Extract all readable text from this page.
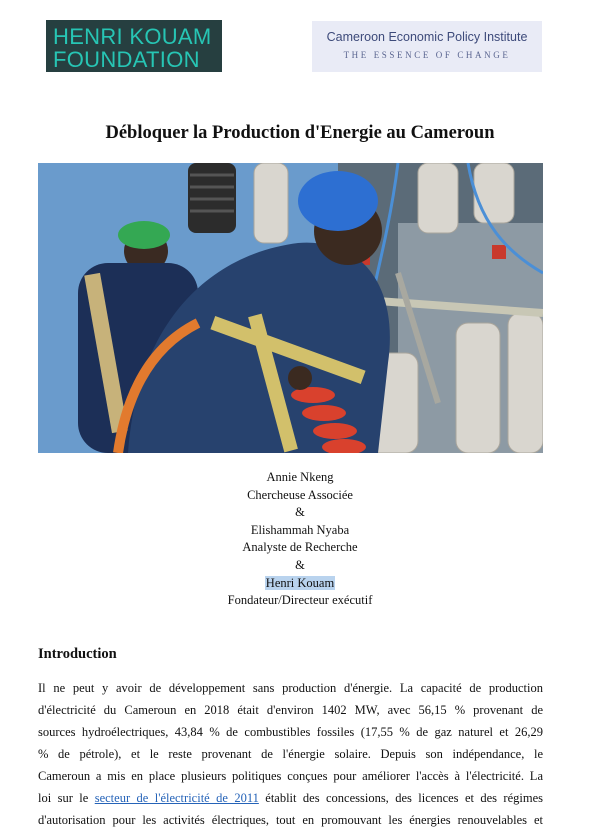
HENRI KOUAM
FOUNDATION
Cameroon Economic Policy Institute
THE ESSENCE OF CHANGE
Débloquer la Production d'Energie au Cameroun
Annie Nkeng
Chercheuse Associée
&
Elishammah Nyaba
Analyste de Recherche
&
Henri Kouam
Fondateur/Directeur exécutif
Introduction
Il ne peut y avoir de développement sans production d'énergie. La capacité de production
d'électricité du Cameroun en 2018 était d'environ 1402 MW, avec 56,15 % provenant de
sources hydroélectriques, 43,84 % de combustibles fossiles (17,55 % de gaz naturel et 26,29
% de pétrole), et le reste provenant de l'énergie solaire. Depuis son indépendance, le
Cameroun a mis en place plusieurs politiques conçues pour améliorer l'accès à l'électricité. La
loi sur le secteur de l'électricité de 2011 établit des concessions, des licences et des régimes
d'autorisation pour les activités électriques, tout en promouvant les énergies renouvelables et
